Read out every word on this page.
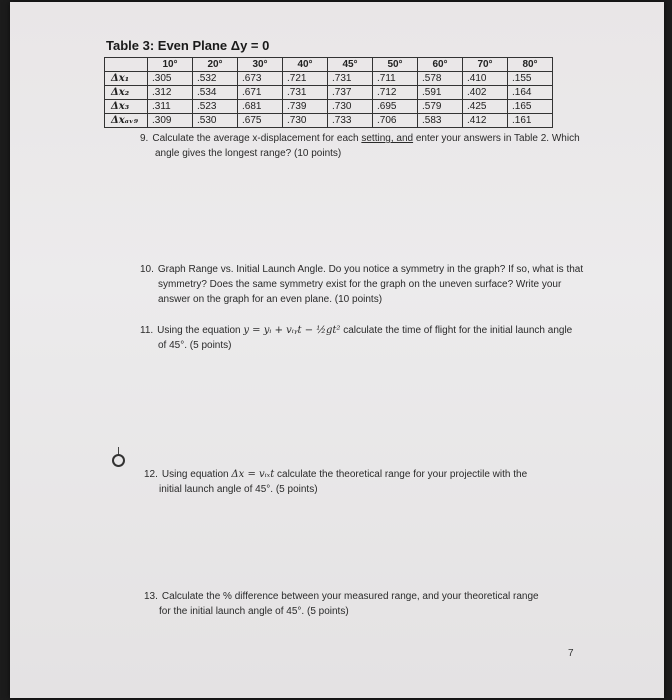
Table 3: Even Plane Δy = 0
	10°	20°	30°	40°	45°	50°	60°	70°	80°
Δx₁	.305	.532	.673	.721	.731	.711	.578	.410	.155
Δx₂	.312	.534	.671	.731	.737	.712	.591	.402	.164
Δx₃	.311	.523	.681	.739	.730	.695	.579	.425	.165
Δxₐᵥ₉	.309	.530	.675	.730	.733	.706	.583	.412	.161
9. Calculate the average x-displacement for each setting, and enter your answers in Table 2. Which
angle gives the longest range? (10 points)
10. Graph Range vs. Initial Launch Angle. Do you notice a symmetry in the graph? If so, what is that
symmetry? Does the same symmetry exist for the graph on the uneven surface? Write your
answer on the graph for an even plane. (10 points)
11. Using the equation y = yᵢ + vᵢᵧt − ½gt² calculate the time of flight for the initial launch angle
of 45°. (5 points)
12. Using equation Δx = vᵢₓt calculate the theoretical range for your projectile with the
initial launch angle of 45°. (5 points)
13. Calculate the % difference between your measured range, and your theoretical range
for the initial launch angle of 45°. (5 points)
7
